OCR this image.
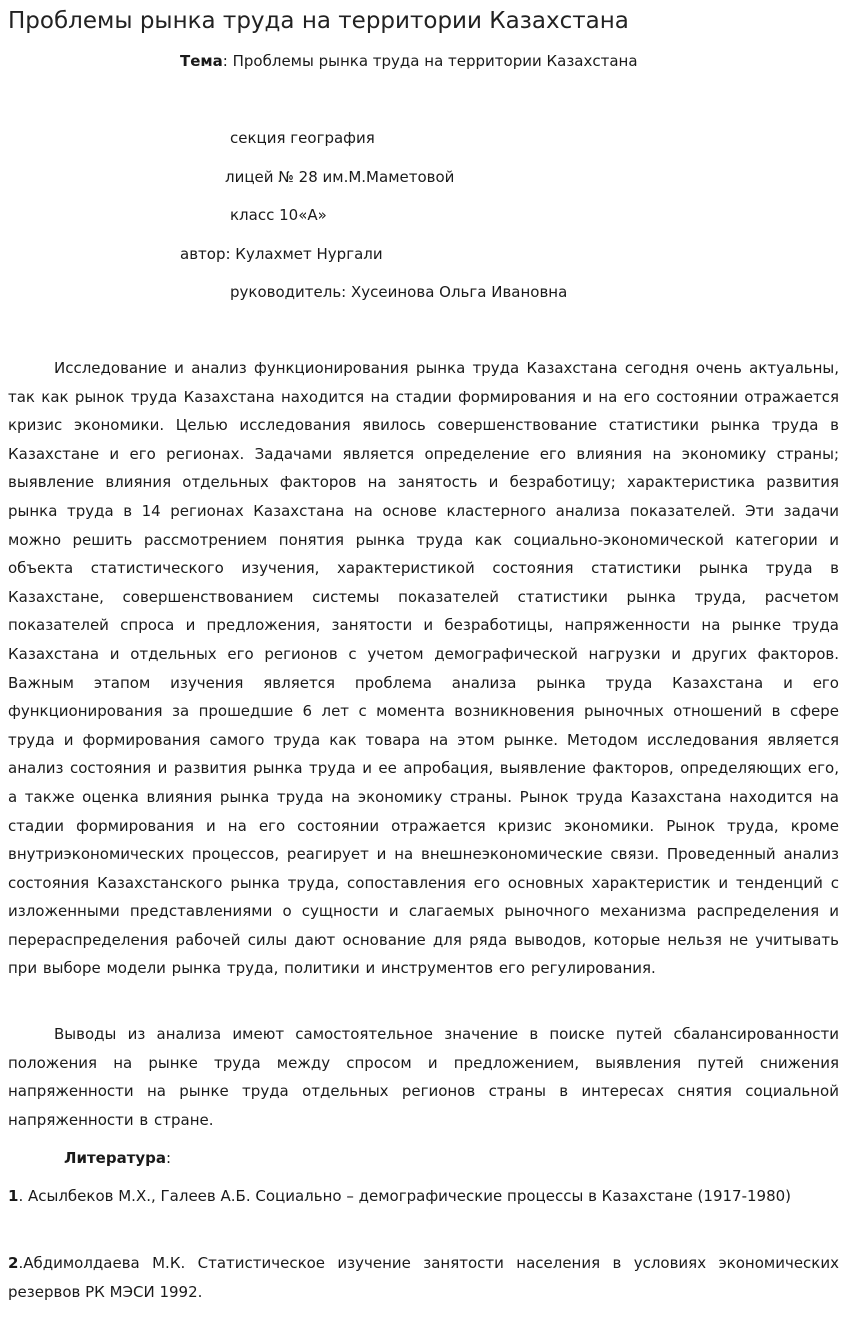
Проблемы рынка труда на территории Казахстана
Тема: Проблемы рынка труда на территории Казахстана
секция география
лицей № 28 им.М.Маметовой
класс 10«А»
автор: Кулахмет Нургали
руководитель: Хусеинова Ольга Ивановна

Исследование и анализ функционирования рынка труда Казахстана сегодня очень актуальны, так как рынок труда Казахстана находится на стадии формирования и на его состоянии отражается кризис экономики. Целью исследования явилось совершенствование статистики рынка труда в Казахстане и его регионах. Задачами является определение его влияния на экономику страны; выявление влияния отдельных факторов на занятость и безработицу; характеристика развития рынка труда в 14 регионах Казахстана на основе кластерного анализа показателей. Эти задачи можно решить рассмотрением понятия рынка труда как социально-экономической категории и объекта статистического изучения, характеристикой состояния статистики рынка труда в Казахстане, совершенствованием системы показателей статистики рынка труда, расчетом показателей спроса и предложения, занятости и безработицы, напряженности на рынке труда Казахстана и отдельных его регионов с учетом демографической нагрузки и других факторов. Важным этапом изучения является проблема анализа рынка труда Казахстана и его функционирования за прошедшие 6 лет с момента возникновения рыночных отношений в сфере труда и формирования самого труда как товара на этом рынке. Методом исследования является анализ состояния и развития рынка труда и ее апробация, выявление факторов, определяющих его, а также оценка влияния рынка труда на экономику страны. Рынок труда Казахстана находится на стадии формирования и на его состоянии отражается кризис экономики. Рынок труда, кроме внутриэкономических процессов, реагирует и на внешнеэкономические связи. Проведенный анализ состояния Казахстанского рынка труда, сопоставления его основных характеристик и тенденций с изложенными представлениями о сущности и слагаемых рыночного механизма распределения и перераспределения рабочей силы дают основание для ряда выводов, которые нельзя не учитывать при выборе модели рынка труда, политики и инструментов его регулирования.

Выводы из анализа имеют самостоятельное значение в поиске путей сбалансированности положения на рынке труда между спросом и предложением, выявления путей снижения напряженности на рынке труда отдельных регионов страны в интересах снятия социальной напряженности в стране.

Литература:
1. Асылбеков М.Х., Галеев А.Б. Социально – демографические процессы в Казахстане (1917-1980)
2.Абдимолдаева М.К. Статистическое изучение занятости населения в условиях экономических резервов РК МЭСИ 1992.
